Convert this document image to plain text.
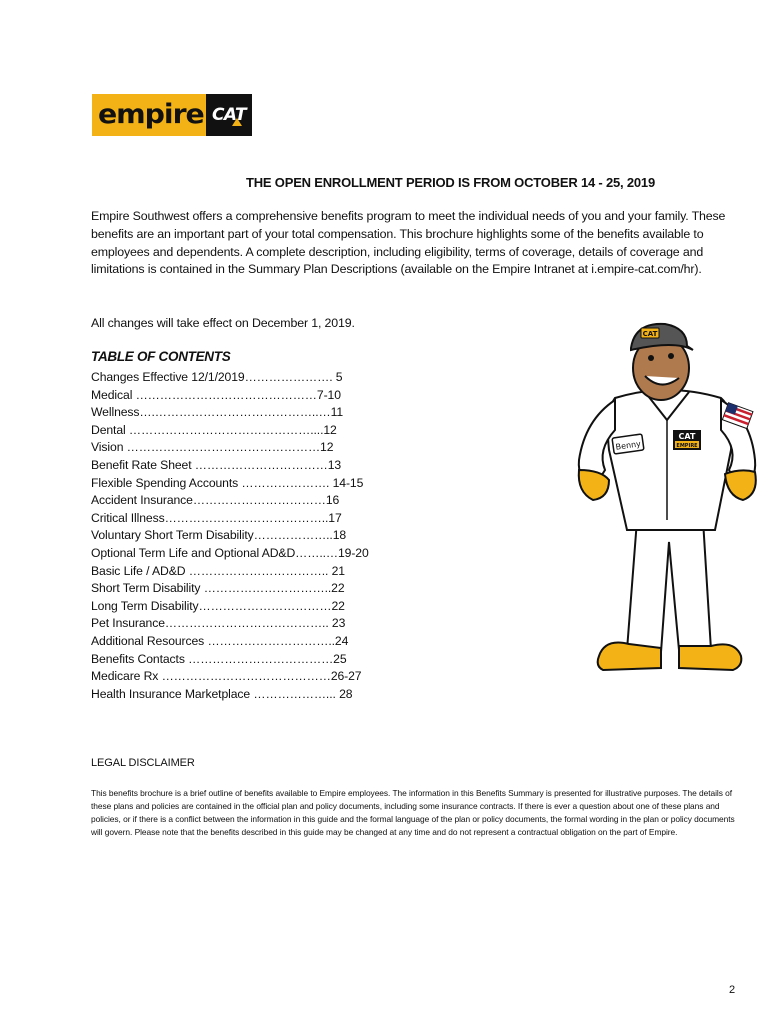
empire CAT
THE OPEN ENROLLMENT PERIOD IS FROM OCTOBER 14 - 25, 2019

Empire Southwest offers a comprehensive benefits program to meet the individual needs of you and your family. These benefits are an important part of your total compensation. This brochure highlights some of the benefits available to employees and dependents. A complete description, including eligibility, terms of coverage, details of coverage and limitations is contained in the Summary Plan Descriptions (available on the Empire Intranet at i.empire-cat.com/hr).

All changes will take effect on December 1, 2019.
TABLE OF CONTENTS
Changes Effective 12/1/2019…………………. 5
Medical ………………………………………7-10
Wellness….…………………………………..…11
Dental ………………………………………....12
Vision …………………………………………12
Benefit Rate Sheet ……………………………13
Flexible Spending Accounts …………………. 14-15
Accident Insurance……………………………16
Critical Illness…………………………………..17
Voluntary Short Term Disability………………..18
Optional Term Life and Optional AD&D……..…19-20
Basic Life / AD&D …………………………….. 21
Short Term Disability …………………………..22
Long Term Disability……………………………22
Pet Insurance………………………………….. 23
Additional Resources …………………………..24
Benefits Contacts ………………………………25
Medicare Rx ……………………………………26-27
Health Insurance Marketplace ………………... 28
Benny
CAT
EMPIRE
CAT
LEGAL DISCLAIMER
This benefits brochure is a brief outline of benefits available to Empire employees. The information in this Benefits Summary is presented for illustrative purposes. The details of these plans and policies are contained in the official plan and policy documents, including some insurance contracts. If there is ever a question about one of these plans and policies, or if there is a conflict between the information in this guide and the formal language of the plan or policy documents, the formal wording in the plan or policy documents will govern. Please note that the benefits described in this guide may be changed at any time and do not represent a contractual obligation on the part of Empire.
2
